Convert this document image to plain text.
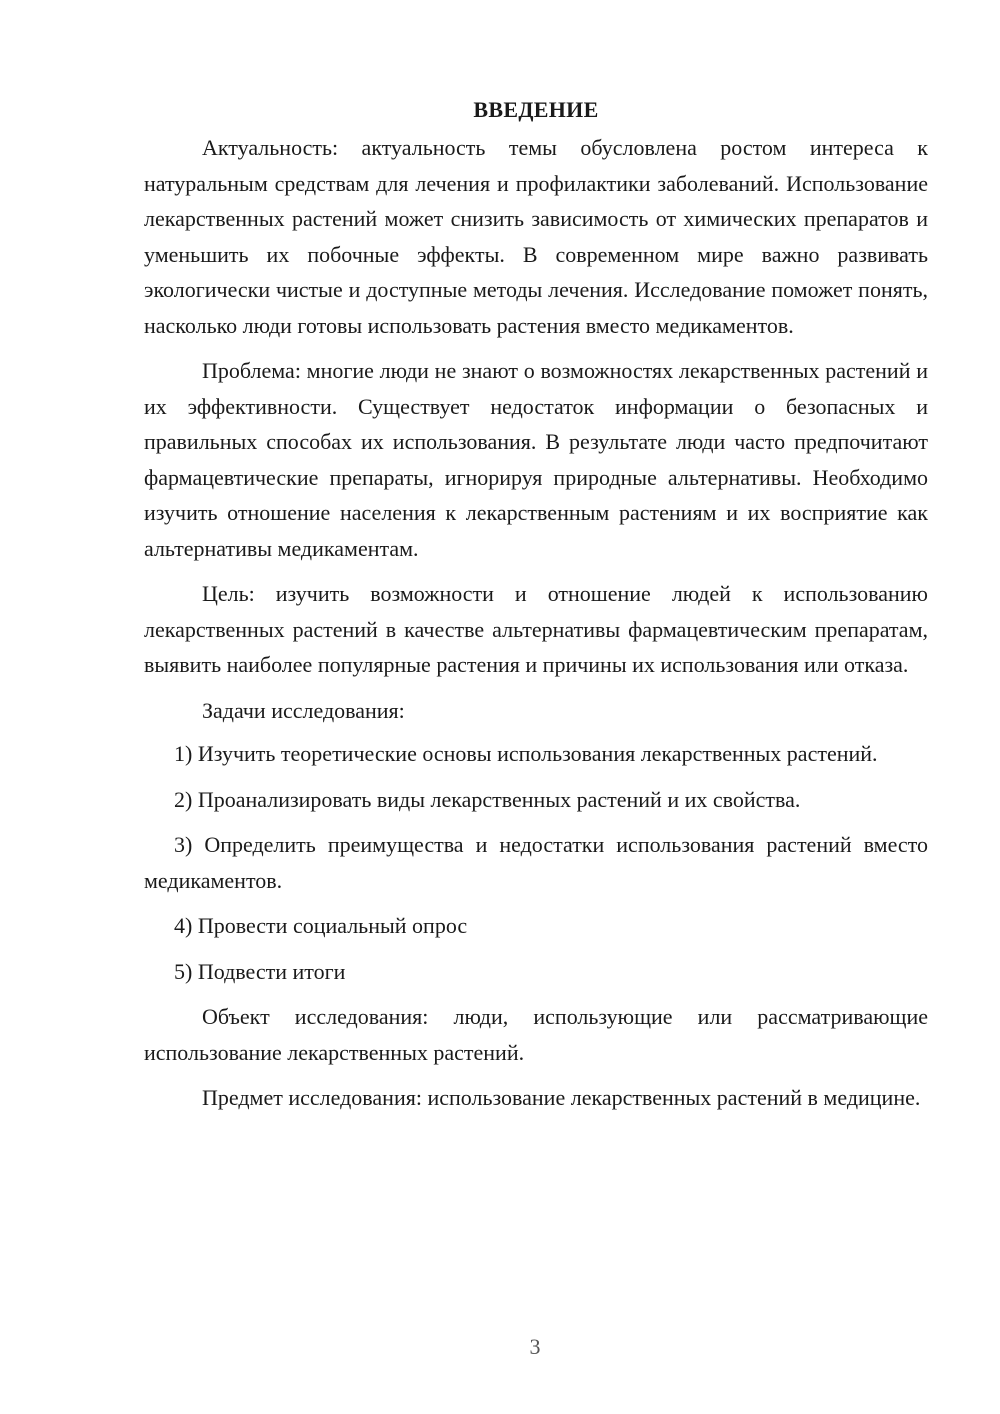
ВВЕДЕНИЕ

Актуальность: актуальность темы обусловлена ростом интереса к натуральным средствам для лечения и профилактики заболеваний. Использование лекарственных растений может снизить зависимость от химических препаратов и уменьшить их побочные эффекты. В современном мире важно развивать экологически чистые и доступные методы лечения. Исследование поможет понять, насколько люди готовы использовать растения вместо медикаментов.

Проблема: многие люди не знают о возможностях лекарственных растений и их эффективности. Существует недостаток информации о безопасных и правильных способах их использования. В результате люди часто предпочитают фармацевтические препараты, игнорируя природные альтернативы. Необходимо изучить отношение населения к лекарственным растениям и их восприятие как альтернативы медикаментам.

Цель: изучить возможности и отношение людей к использованию лекарственных растений в качестве альтернативы фармацевтическим препаратам, выявить наиболее популярные растения и причины их использования или отказа.

Задачи исследования:

1) Изучить теоретические основы использования лекарственных растений.

2) Проанализировать виды лекарственных растений и их свойства.

3) Определить преимущества и недостатки использования растений вместо медикаментов.

4) Провести социальный опрос

5) Подвести итоги

Объект исследования: люди, использующие или рассматривающие использование лекарственных растений.

Предмет исследования: использование лекарственных растений в медицине.

3
